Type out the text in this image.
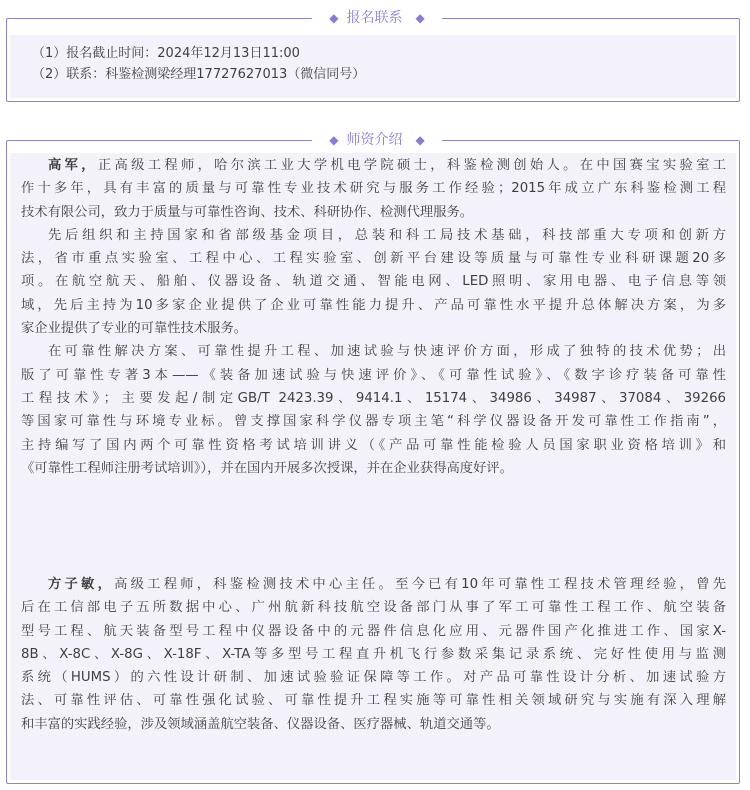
◆ 报名联系 ◆
（1）报名截止时间：2024年12月13日11:00
（2）联系：科鉴检测梁经理17727627013（微信同号）
◆ 师资介绍 ◆
高军，正高级工程师，哈尔滨工业大学机电学院硕士，科鉴检测创始人。在中国赛宝实验室工
作十多年，具有丰富的质量与可靠性专业技术研究与服务工作经验；2015年成立广东科鉴检测工程
技术有限公司，致力于质量与可靠性咨询、技术、科研协作、检测代理服务。
先后组织和主持国家和省部级基金项目，总装和科工局技术基础，科技部重大专项和创新方
法，省市重点实验室、工程中心、工程实验室、创新平台建设等质量与可靠性专业科研课题20多
项。在航空航天、船舶、仪器设备、轨道交通、智能电网、LED照明、家用电器、电子信息等领
域，先后主持为10多家企业提供了企业可靠性能力提升、产品可靠性水平提升总体解决方案，为多
家企业提供了专业的可靠性技术服务。
在可靠性解决方案、可靠性提升工程、加速试验与快速评价方面，形成了独特的技术优势；出
版了可靠性专著3本——《装备加速试验与快速评价》、《可靠性试验》、《数字诊疗装备可靠性
工程技术》；主要发起/制定GB/T 2423.39、9414.1、15174、34986、34987、37084、39266
等国家可靠性与环境专业标。曾支撑国家科学仪器专项主笔“科学仪器设备开发可靠性工作指南”，
主持编写了国内两个可靠性资格考试培训讲义（《产品可靠性能检验人员国家职业资格培训》和
《可靠性工程师注册考试培训》），并在国内开展多次授课，并在企业获得高度好评。
方子敏，高级工程师，科鉴检测技术中心主任。至今已有10年可靠性工程技术管理经验，曾先
后在工信部电子五所数据中心、广州航新科技航空设备部门从事了军工可靠性工程工作、航空装备
型号工程、航天装备型号工程中仪器设备中的元器件信息化应用、元器件国产化推进工作、国家X-
8B、X-8C、X-8G、X-18F、X-TA等多型号工程直升机飞行参数采集记录系统、完好性使用与监测
系统（HUMS）的六性设计研制、加速试验验证保障等工作。对产品可靠性设计分析、加速试验方
法、可靠性评估、可靠性强化试验、可靠性提升工程实施等可靠性相关领域研究与实施有深入理解
和丰富的实践经验，涉及领域涵盖航空装备、仪器设备、医疗器械、轨道交通等。
